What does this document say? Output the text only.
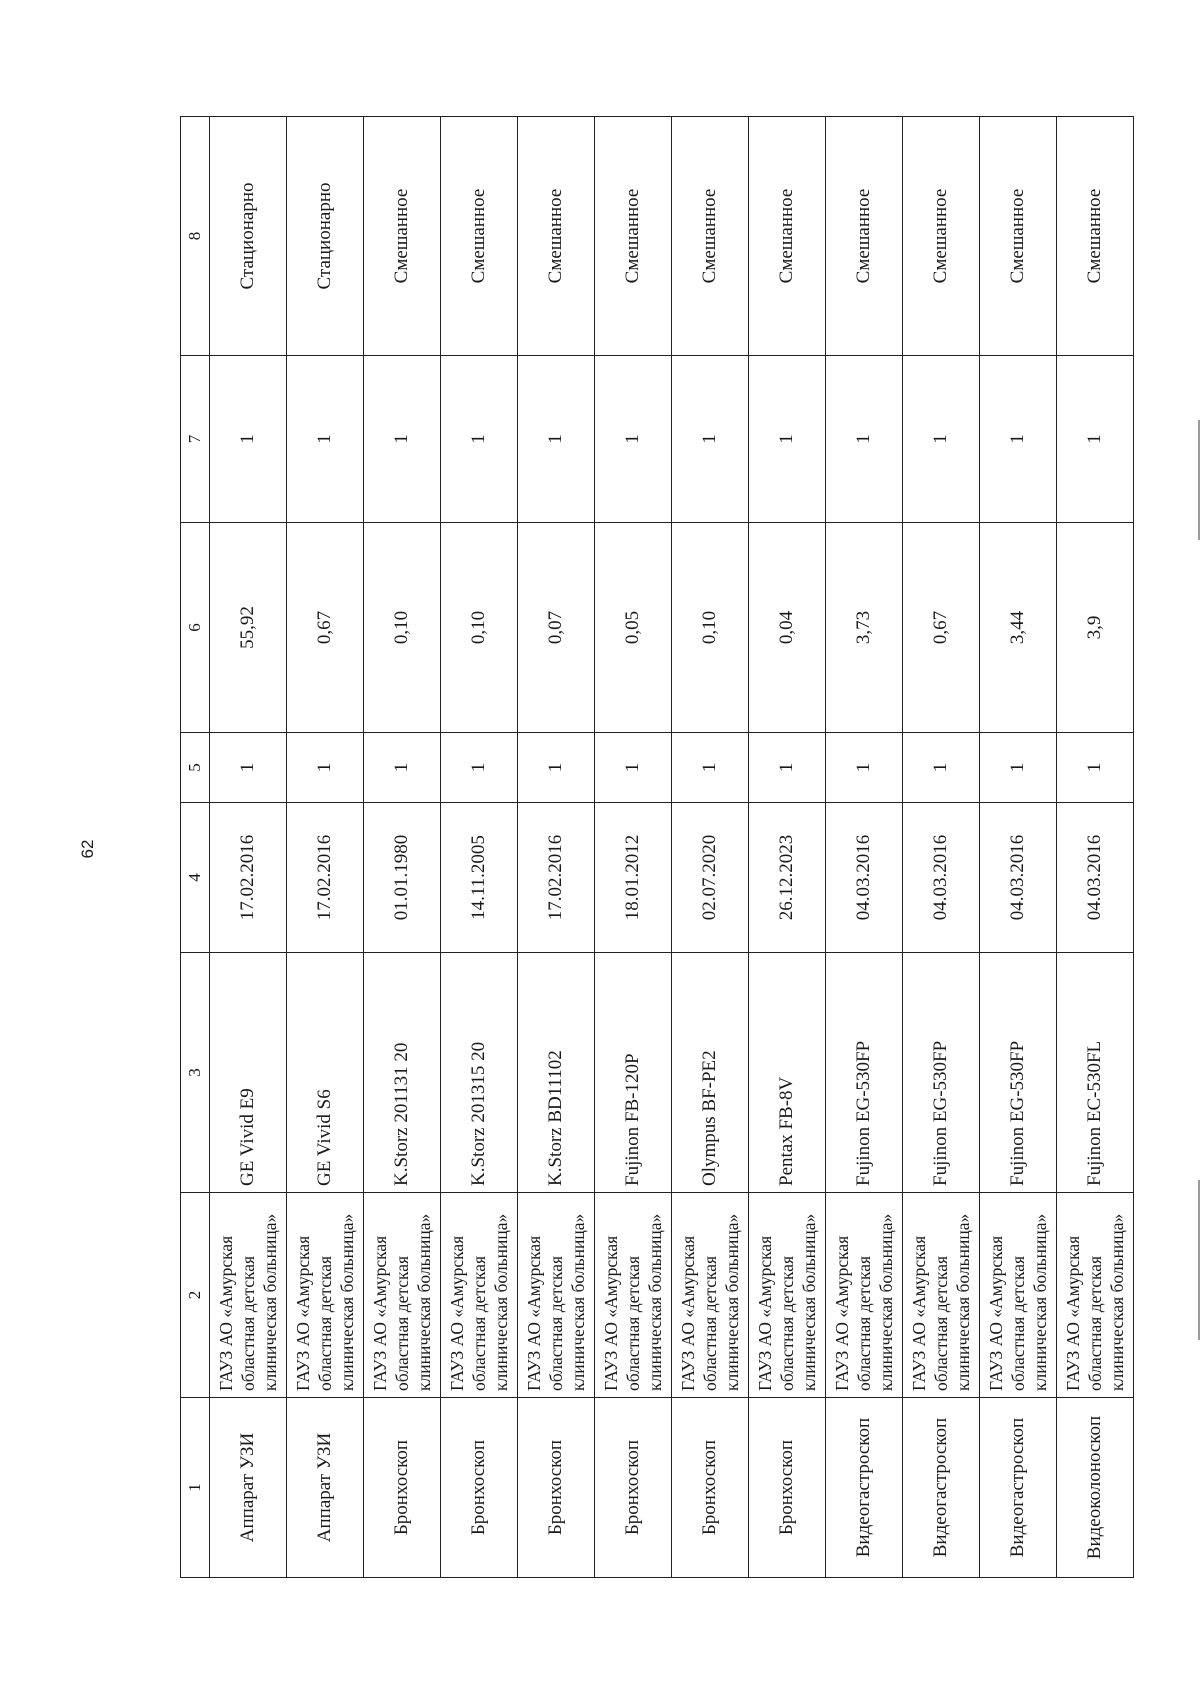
62
1	2	3	4	5	6	7	8
Аппарат УЗИ	ГАУЗ АО «Амурская областная детская клиническая больница»	GE Vivid E9	17.02.2016	1	55,92	1	Стационарно
Аппарат УЗИ	ГАУЗ АО «Амурская областная детская клиническая больница»	GE Vivid S6	17.02.2016	1	0,67	1	Стационарно
Бронхоскоп	ГАУЗ АО «Амурская областная детская клиническая больница»	K.Storz 201131 20	01.01.1980	1	0,10	1	Смешанное
Бронхоскоп	ГАУЗ АО «Амурская областная детская клиническая больница»	K.Storz 201315 20	14.11.2005	1	0,10	1	Смешанное
Бронхоскоп	ГАУЗ АО «Амурская областная детская клиническая больница»	K.Storz BD11102	17.02.2016	1	0,07	1	Смешанное
Бронхоскоп	ГАУЗ АО «Амурская областная детская клиническая больница»	Fujinon FB-120P	18.01.2012	1	0,05	1	Смешанное
Бронхоскоп	ГАУЗ АО «Амурская областная детская клиническая больница»	Olympus BF-PE2	02.07.2020	1	0,10	1	Смешанное
Бронхоскоп	ГАУЗ АО «Амурская областная детская клиническая больница»	Pentax FB-8V	26.12.2023	1	0,04	1	Смешанное
Видеогастроскоп	ГАУЗ АО «Амурская областная детская клиническая больница»	Fujinon EG-530FP	04.03.2016	1	3,73	1	Смешанное
Видеогастроскоп	ГАУЗ АО «Амурская областная детская клиническая больница»	Fujinon EG-530FP	04.03.2016	1	0,67	1	Смешанное
Видеогастроскоп	ГАУЗ АО «Амурская областная детская клиническая больница»	Fujinon EG-530FP	04.03.2016	1	3,44	1	Смешанное
Видеоколоноскоп	ГАУЗ АО «Амурская областная детская клиническая больница»	Fujinon EC-530FL	04.03.2016	1	3,9	1	Смешанное
